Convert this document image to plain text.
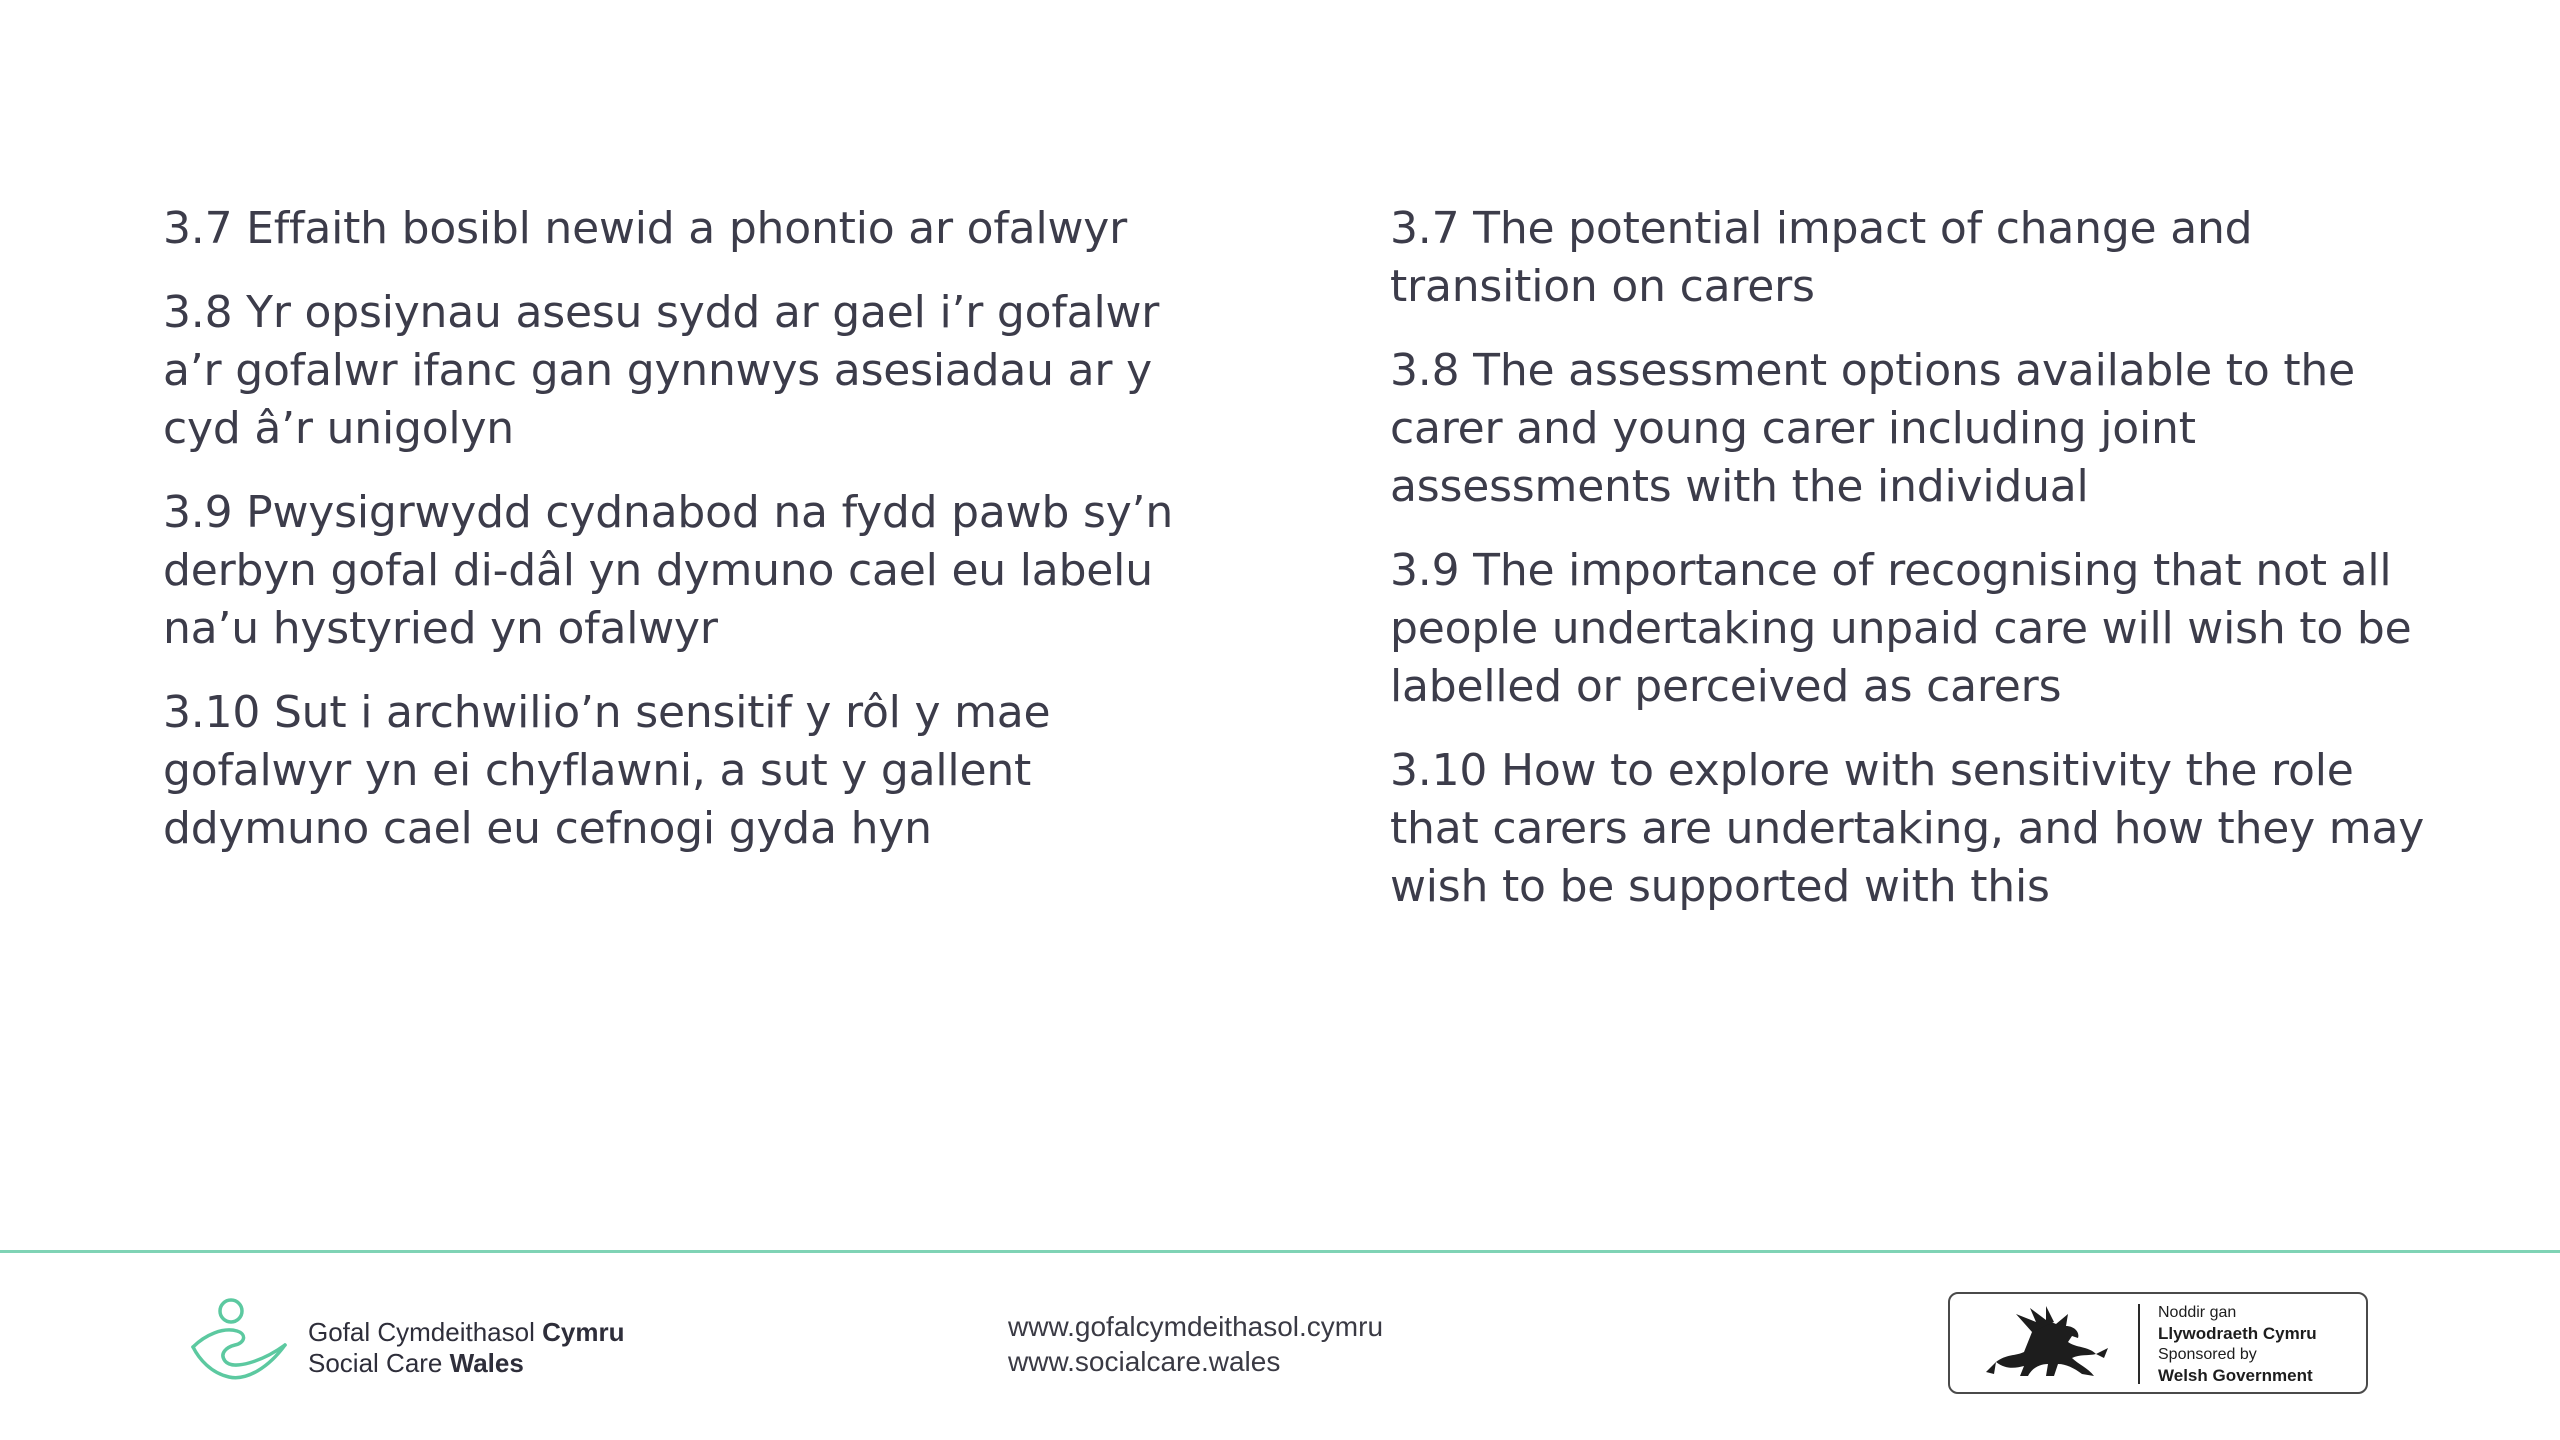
3.7 Effaith bosibl newid a phontio ar ofalwyr

3.8 Yr opsiynau asesu sydd ar gael i’r gofalwr a’r gofalwr ifanc gan gynnwys asesiadau ar y cyd â’r unigolyn

3.9 Pwysigrwydd cydnabod na fydd pawb sy’n derbyn gofal di-dâl yn dymuno cael eu labelu na’u hystyried yn ofalwyr

3.10 Sut i archwilio’n sensitif y rôl y mae gofalwyr yn ei chyflawni, a sut y gallent ddymuno cael eu cefnogi gyda hyn

3.7 The potential impact of change and transition on carers

3.8 The assessment options available to the carer and young carer including joint assessments with the individual

3.9 The importance of recognising that not all people undertaking unpaid care will wish to be labelled or perceived as carers

3.10 How to explore with sensitivity the role that carers are undertaking, and how they may wish to be supported with this

Gofal Cymdeithasol Cymru
Social Care Wales
www.gofalcymdeithasol.cymru
www.socialcare.wales
Noddir gan
Llywodraeth Cymru
Sponsored by
Welsh Government
